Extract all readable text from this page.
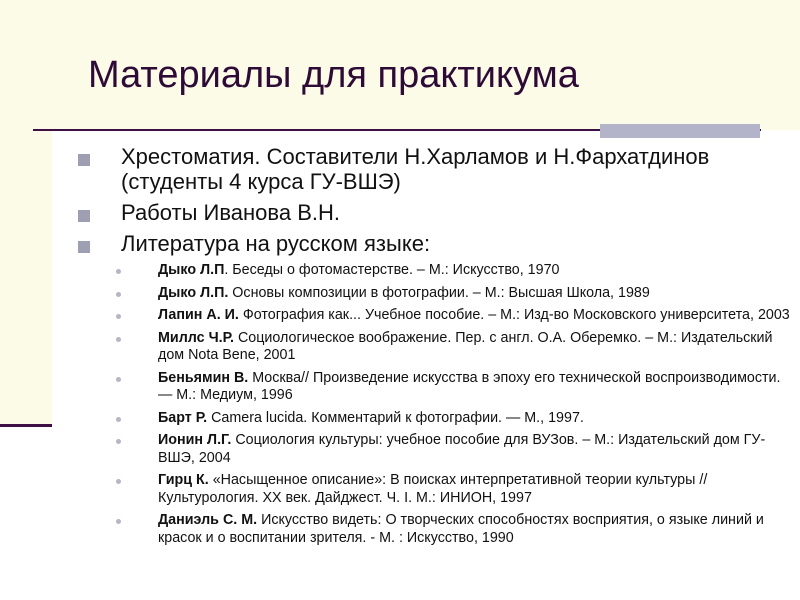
Материалы для практикума
Хрестоматия. Составители Н.Харламов и Н.Фархатдинов (студенты 4 курса ГУ-ВШЭ)
Работы Иванова В.Н.
Литература на русском языке:
Дыко Л.П. Беседы о фотомастерстве. – М.: Искусство, 1970
Дыко Л.П. Основы композиции в фотографии. – М.: Высшая Школа, 1989
Лапин А. И. Фотография как... Учебное пособие. – М.: Изд-во Московского университета, 2003
Миллс Ч.Р. Социологическое воображение. Пер. с англ. О.А. Оберемко. – М.: Издательский дом Nota Bene, 2001
Беньямин В. Москва// Произведение искусства в эпоху его технической воспроизводимости. — М.: Медиум, 1996
Барт Р. Camera lucida. Комментарий к фотографии. — М., 1997.
Ионин Л.Г. Социология культуры: учебное пособие для ВУЗов. – М.: Издательский дом ГУ-ВШЭ, 2004
Гирц К. «Насыщенное описание»: В поисках интерпретативной теории культуры // Культурология. XX век. Дайджест. Ч. I. М.: ИНИОН, 1997
Даниэль С. М. Искусство видеть: О творческих способностях восприятия, о языке линий и красок и о воспитании зрителя. - М. : Искусство, 1990
